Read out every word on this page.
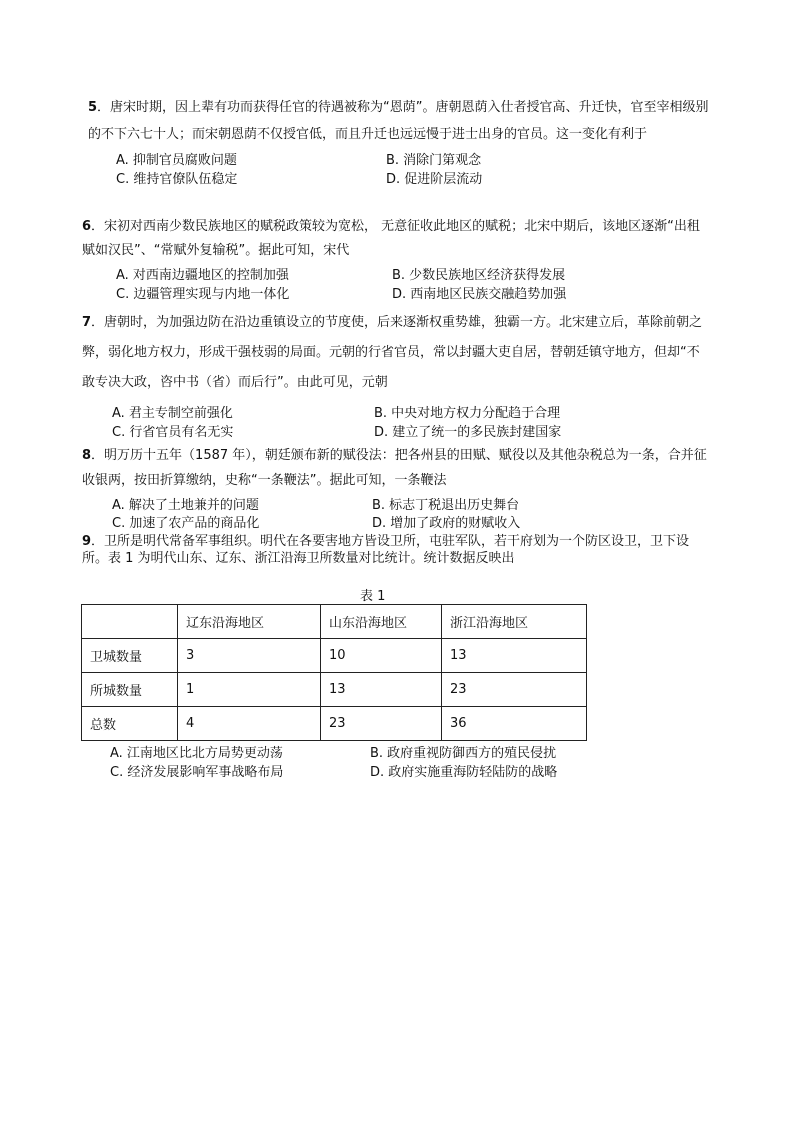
5．唐宋时期，因上辈有功而获得任官的待遇被称为“恩荫”。唐朝恩荫入仕者授官高、升迁快，官至宰相级别的不下六七十人；而宋朝恩荫不仅授官低，而且升迁也远远慢于进士出身的官员。这一变化有利于

A. 抑制官员腐败问题	B. 消除门第观念
C. 维持官僚队伍稳定	D. 促进阶层流动

6．宋初对西南少数民族地区的赋税政策较为宽松， 无意征收此地区的赋税；北宋中期后，该地区逐渐“出租赋如汉民”、“常赋外复输税”。据此可知，宋代

A. 对西南边疆地区的控制加强	B. 少数民族地区经济获得发展
C. 边疆管理实现与内地一体化	D. 西南地区民族交融趋势加强

7．唐朝时，为加强边防在沿边重镇设立的节度使，后来逐渐权重势雄，独霸一方。北宋建立后，革除前朝之弊，弱化地方权力，形成干强枝弱的局面。元朝的行省官员，常以封疆大吏自居，替朝廷镇守地方，但却“不敢专决大政，咨中书（省）而后行”。由此可见，元朝

A. 君主专制空前强化	B. 中央对地方权力分配趋于合理
C. 行省官员有名无实	D. 建立了统一的多民族封建国家

8．明万历十五年（1587 年），朝廷颁布新的赋役法：把各州县的田赋、赋役以及其他杂税总为一条，合并征收银两，按田折算缴纳，史称“一条鞭法”。据此可知，一条鞭法

A. 解决了土地兼并的问题	B. 标志丁税退出历史舞台
C. 加速了农产品的商品化	D. 增加了政府的财赋收入

9．卫所是明代常备军事组织。明代在各要害地方皆设卫所，屯驻军队，若干府划为一个防区设卫，卫下设所。表 1 为明代山东、辽东、浙江沿海卫所数量对比统计。统计数据反映出

表 1
	辽东沿海地区	山东沿海地区	浙江沿海地区
卫城数量	3	10	13
所城数量	1	13	23
总数	4	23	36
A. 江南地区比北方局势更动荡	B. 政府重视防御西方的殖民侵扰
C. 经济发展影响军事战略布局	D. 政府实施重海防轻陆防的战略
